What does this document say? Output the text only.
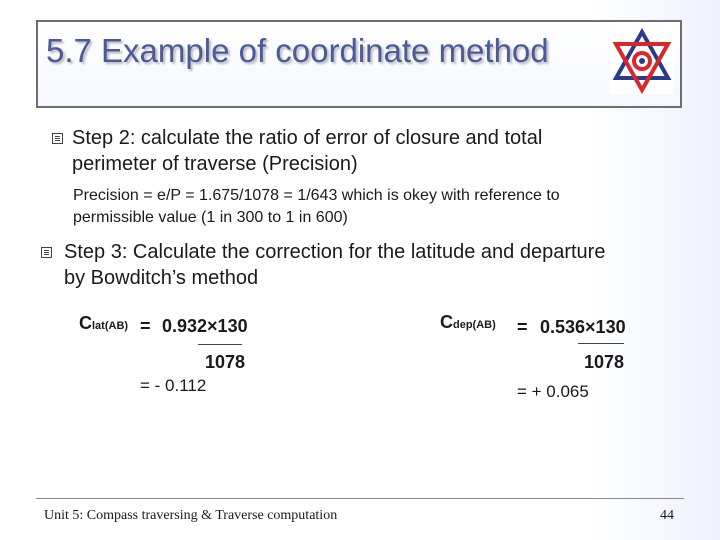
5.7 Example of coordinate method
Step 2: calculate the ratio of error of closure and total
perimeter of traverse (Precision)
Precision = e/P = 1.675/1078 = 1/643 which is okey with reference to
permissible value (1 in 300 to 1 in 600)
Step 3: Calculate the correction for the latitude and departure
by Bowditch’s method
Clat(AB) = 0.932×130
1078
= - 0.112
Cdep(AB) = 0.536×130
1078
= + 0.065
Unit 5: Compass traversing & Traverse computation	44
